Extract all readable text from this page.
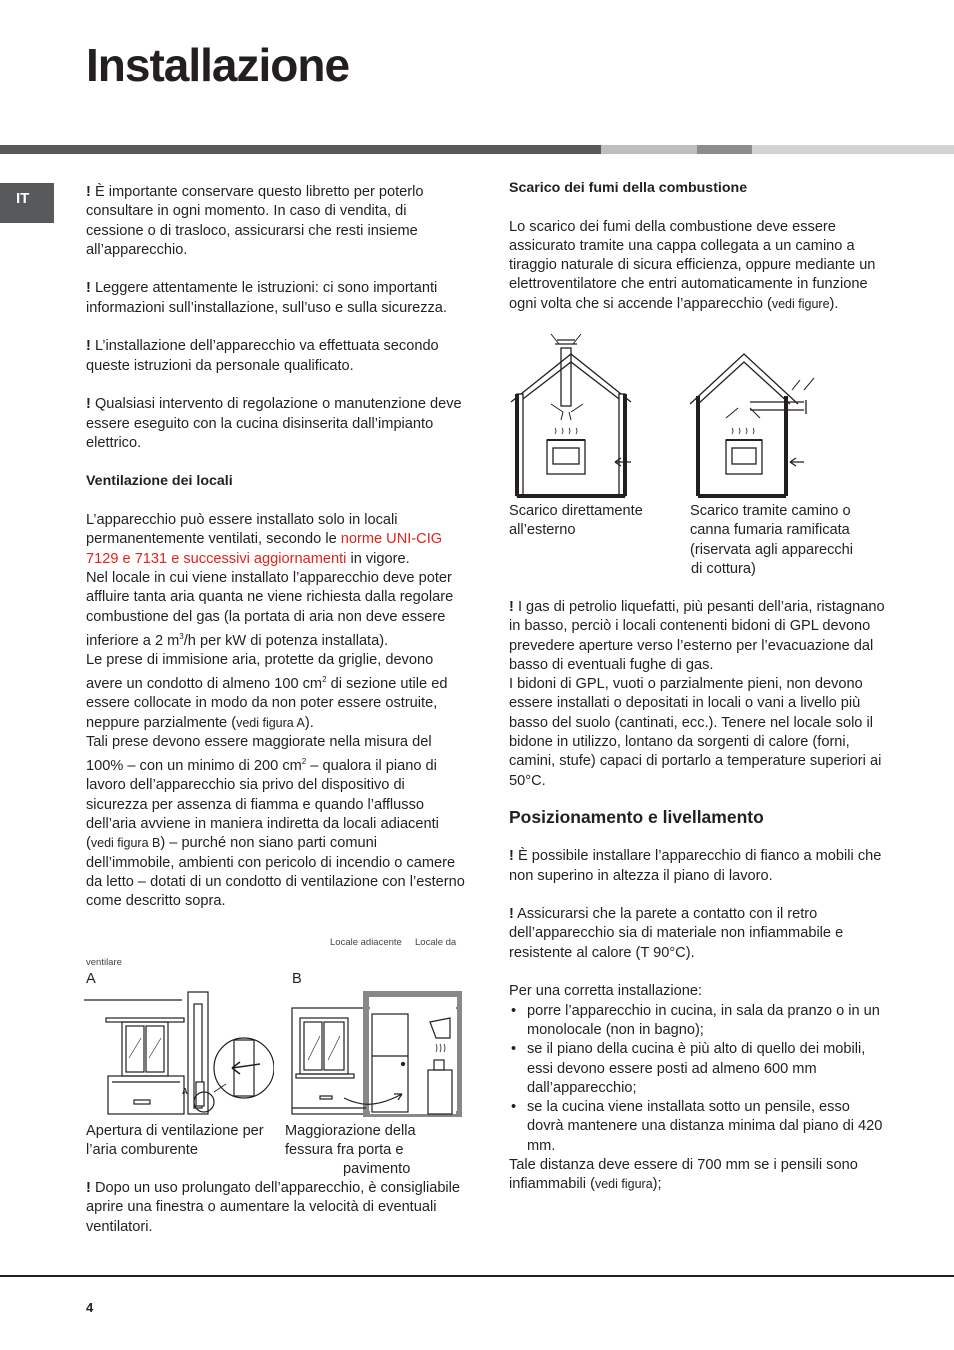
Installazione
IT	! È importante conservare questo libretto per poterlo consultare in ogni momento. In caso di vendita, di cessione o di trasloco, assicurarsi che resti insieme all’apparecchio.

! Leggere attentamente le istruzioni: ci sono importanti informazioni sull’installazione, sull’uso e sulla sicurezza.

! L’installazione dell’apparecchio va effettuata secondo queste istruzioni da personale qualificato.

! Qualsiasi intervento di regolazione o manutenzione deve essere eseguito con la cucina disinserita dall’impianto elettrico.

Ventilazione dei locali

L’apparecchio può essere installato solo in locali permanentemente ventilati, secondo le norme UNI-CIG 7129 e 7131 e successivi aggiornamenti in vigore.

Nel locale in cui viene installato l’apparecchio deve poter affluire tanta aria quanta ne viene richiesta dalla regolare combustione del gas (la portata di aria non deve essere inferiore a 2 $m^3/h$ per kW di potenza installata).

Le prese di immisione aria, protette da griglie, devono avere un condotto di almeno 100 $cm^2$ di sezione utile ed essere collocate in modo da non poter essere ostruite, neppure parzialmente (vedi figura A).

Tali prese devono essere maggiorate nella misura del 100% – con un minimo di 200 $cm^2$ – qualora il piano di lavoro dell’apparecchio sia privo del dispositivo di sicurezza per assenza di fiamma e quando l’afflusso dell’aria avviene in maniera indiretta da locali adiacenti (vedi figura B) – purché non siano parti comuni dell’immobile, ambienti con pericolo di incendio o camere da letto – dotati di un condotto di ventilazione con l’esterno come descritto sopra.

Locale adiacente Locale da
ventilare
A	B
A
Apertura di ventilazione per l’aria comburente
Maggiorazione della fessura fra porta e
pavimento

! Dopo un uso prolungato dell’apparecchio, è consigliabile aprire una finestra o aumentare la velocità di eventuali ventilatori.

Scarico dei fumi della combustione

Lo scarico dei fumi della combustione deve essere assicurato tramite una cappa collegata a un camino a tiraggio naturale di sicura efficienza, oppure mediante un elettroventilatore che entri automaticamente in funzione ogni volta che si accende l’apparecchio (vedi figure).

Scarico direttamente all’esterno
Scarico tramite camino o canna fumaria ramificata (riservata agli apparecchi
di cottura)

! I gas di petrolio liquefatti, più pesanti dell’aria, ristagnano in basso, perciò i locali contenenti bidoni di GPL devono prevedere aperture verso l’esterno per l’evacuazione dal basso di eventuali fughe di gas.

I bidoni di GPL, vuoti o parzialmente pieni, non devono essere installati o depositati in locali o vani a livello più basso del suolo (cantinati, ecc.). Tenere nel locale solo il bidone in utilizzo, lontano da sorgenti di calore (forni, camini, stufe) capaci di portarlo a temperature superiori ai 50°C.

Posizionamento e livellamento

! È possibile installare l’apparecchio di fianco a mobili che non superino in altezza il piano di lavoro.

! Assicurarsi che la parete a contatto con il retro dell’apparecchio sia di materiale non infiammabile e resistente al calore (T 90°C).

Per una corretta installazione:

• porre l’apparecchio in cucina, in sala da pranzo o in un monolocale (non in bagno);
• se il piano della cucina è più alto di quello dei mobili, essi devono essere posti ad almeno 600 mm dall’apparecchio;
• se la cucina viene installata sotto un pensile, esso dovrà mantenere una distanza minima dal piano di 420 mm.

Tale distanza deve essere di 700 mm se i pensili sono infiammabili (vedi figura);

4
